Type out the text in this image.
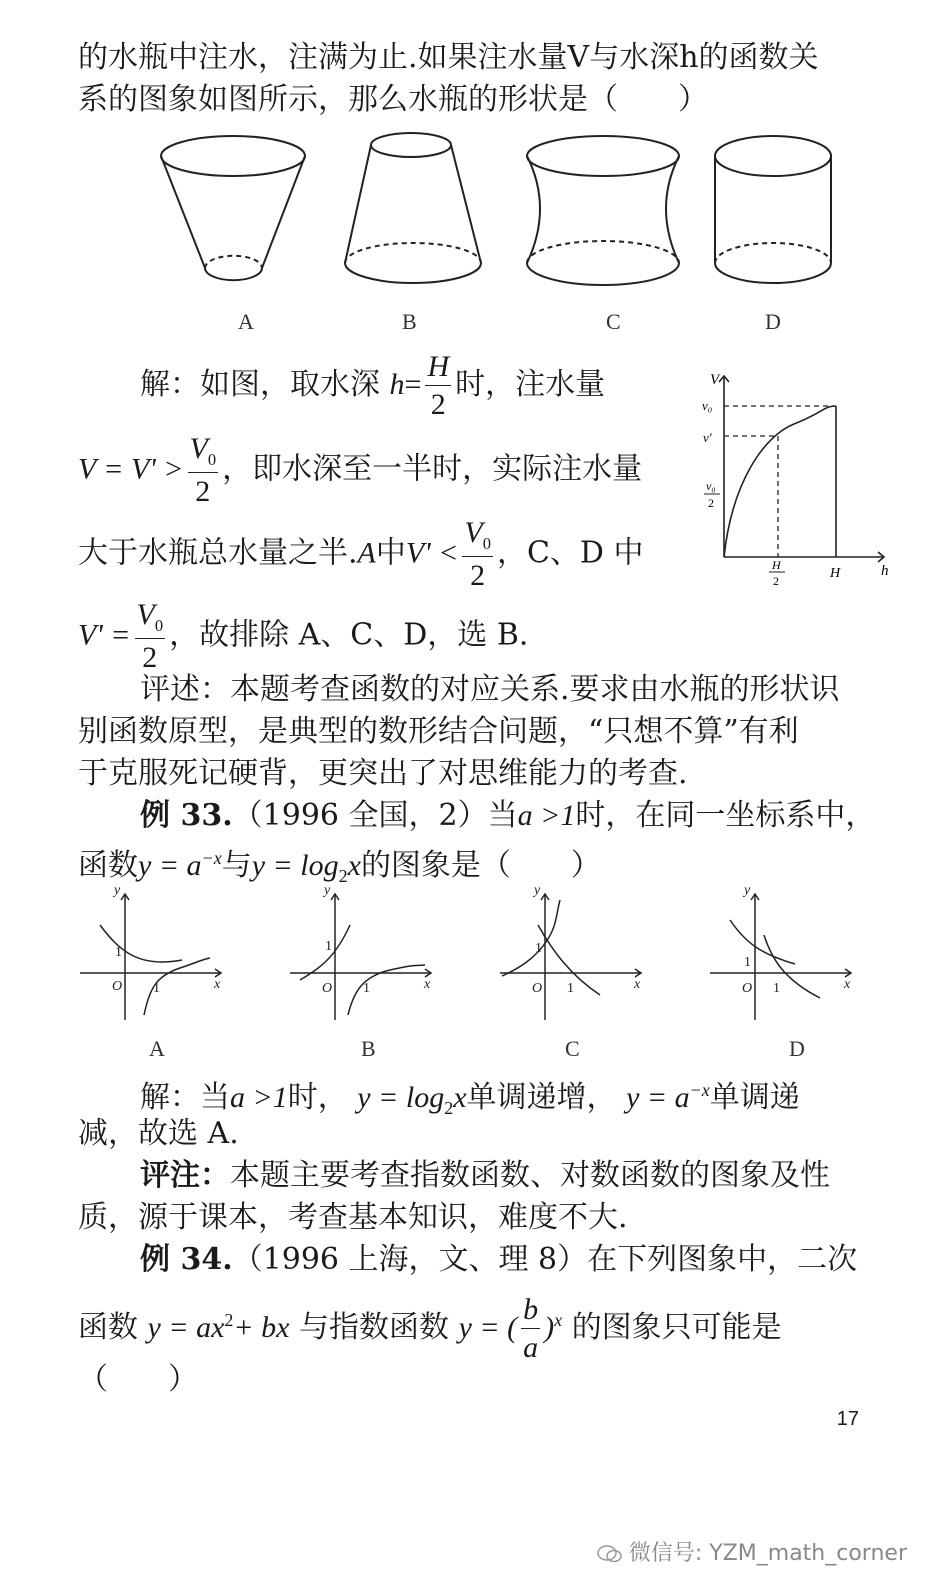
的水瓶中注水，注满为止.如果注水量V与水深h的函数关
系的图象如图所示，那么水瓶的形状是（　　）
A	B	C	D
解：如图，取水深 $h= \frac{H}{2}$ 时，注水量
$V = V' > \frac{V_0}{2}$ ，即水深至一半时，实际注水量
大于水瓶总水量之半.A中$V' < \frac{V_0}{2}$ ，C、D 中
$V' = \frac{V_0}{2}$ ，故排除 A、C、D，选 B.
V
h
v₀
v'
v₀
2
H
2	H
评述：本题考查函数的对应关系.要求由水瓶的形状识
别函数原型，是典型的数形结合问题，“只想不算”有利
于克服死记硬背，更突出了对思维能力的考查.
例 33.（1996 全国，2）当a >1时，在同一坐标系中，
函数$y = a^{-x}$与$y = \log_2x$的图象是（　　）
y
x
O
1
1
y
x
O
1
1
y
x
O
1
1
y
x
O
1
1
A	B	C	D
解：当a >1时， $y = \log_2x$单调递增， $y = a^{-x}$单调递
减，故选 A.
评注：本题主要考查指数函数、对数函数的图象及性
质，源于课本，考查基本知识，难度不大.
例 34.（1996 上海，文、理 8）在下列图象中，二次
函数 $y = ax^2+$ bx 与指数函数 y = ( $\frac{b}{a} )^x$ 的图象只可能是
（　　）
17
微信号: YZM_math_corner
